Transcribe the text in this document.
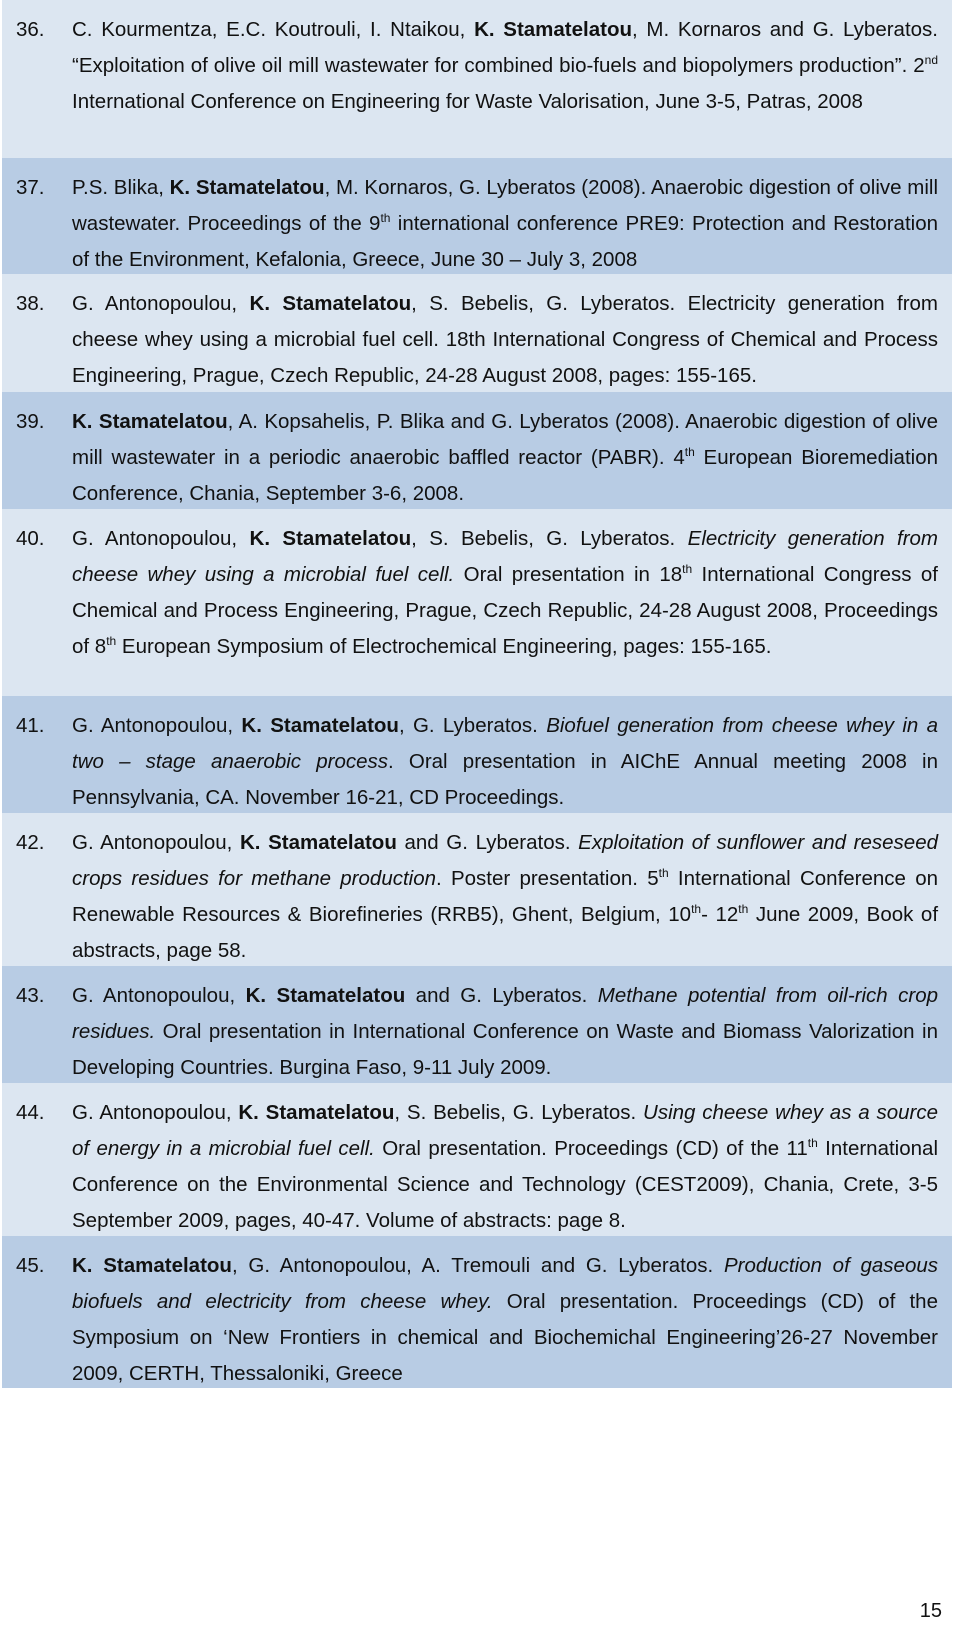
36. C. Kourmentza, E.C. Koutrouli, I. Ntaikou, K. Stamatelatou, M. Kornaros and G. Lyberatos. “Exploitation of olive oil mill wastewater for combined bio-fuels and biopolymers production”. 2nd International Conference on Engineering for Waste Valorisation, June 3-5, Patras, 2008
37. P.S. Blika, K. Stamatelatou, M. Kornaros, G. Lyberatos (2008). Anaerobic digestion of olive mill wastewater. Proceedings of the 9th international conference PRE9: Protection and Restoration of the Environment, Kefalonia, Greece, June 30 – July 3, 2008
38. G. Antonopoulou, K. Stamatelatou, S. Bebelis, G. Lyberatos. Electricity generation from cheese whey using a microbial fuel cell. 18th International Congress of Chemical and Process Engineering, Prague, Czech Republic, 24-28 August 2008, pages: 155-165.
39. K. Stamatelatou, A. Kopsahelis, P. Blika and G. Lyberatos (2008). Anaerobic digestion of olive mill wastewater in a periodic anaerobic baffled reactor (PABR). 4th European Bioremediation Conference, Chania, September 3-6, 2008.
40. G. Antonopoulou, K. Stamatelatou, S. Bebelis, G. Lyberatos. Electricity generation from cheese whey using a microbial fuel cell. Oral presentation in 18th International Congress of Chemical and Process Engineering, Prague, Czech Republic, 24-28 August 2008, Proceedings of 8th European Symposium of Electrochemical Engineering, pages: 155-165.
41. G. Antonopoulou, K. Stamatelatou, G. Lyberatos. Biofuel generation from cheese whey in a two – stage anaerobic process. Oral presentation in AIChE Annual meeting 2008 in Pennsylvania, CA. November 16-21, CD Proceedings.
42. G. Antonopoulou, K. Stamatelatou and G. Lyberatos. Exploitation of sunflower and reseseed crops residues for methane production. Poster presentation. 5th International Conference on Renewable Resources & Biorefineries (RRB5), Ghent, Belgium, 10th- 12th June 2009, Book of abstracts, page 58.
43. G. Antonopoulou, K. Stamatelatou and G. Lyberatos. Methane potential from oil-rich crop residues. Oral presentation in International Conference on Waste and Biomass Valorization in Developing Countries. Burgina Faso, 9-11 July 2009.
44. G. Antonopoulou, K. Stamatelatou, S. Bebelis, G. Lyberatos. Using cheese whey as a source of energy in a microbial fuel cell. Oral presentation. Proceedings (CD) of the 11th International Conference on the Environmental Science and Technology (CEST2009), Chania, Crete, 3-5 September 2009, pages, 40-47. Volume of abstracts: page 8.
45. K. Stamatelatou, G. Antonopoulou, A. Tremouli and G. Lyberatos. Production of gaseous biofuels and electricity from cheese whey. Oral presentation. Proceedings (CD) of the Symposium on ‘New Frontiers in chemical and Biochemichal Engineering’26-27 November 2009, CERTH, Thessaloniki, Greece
15
